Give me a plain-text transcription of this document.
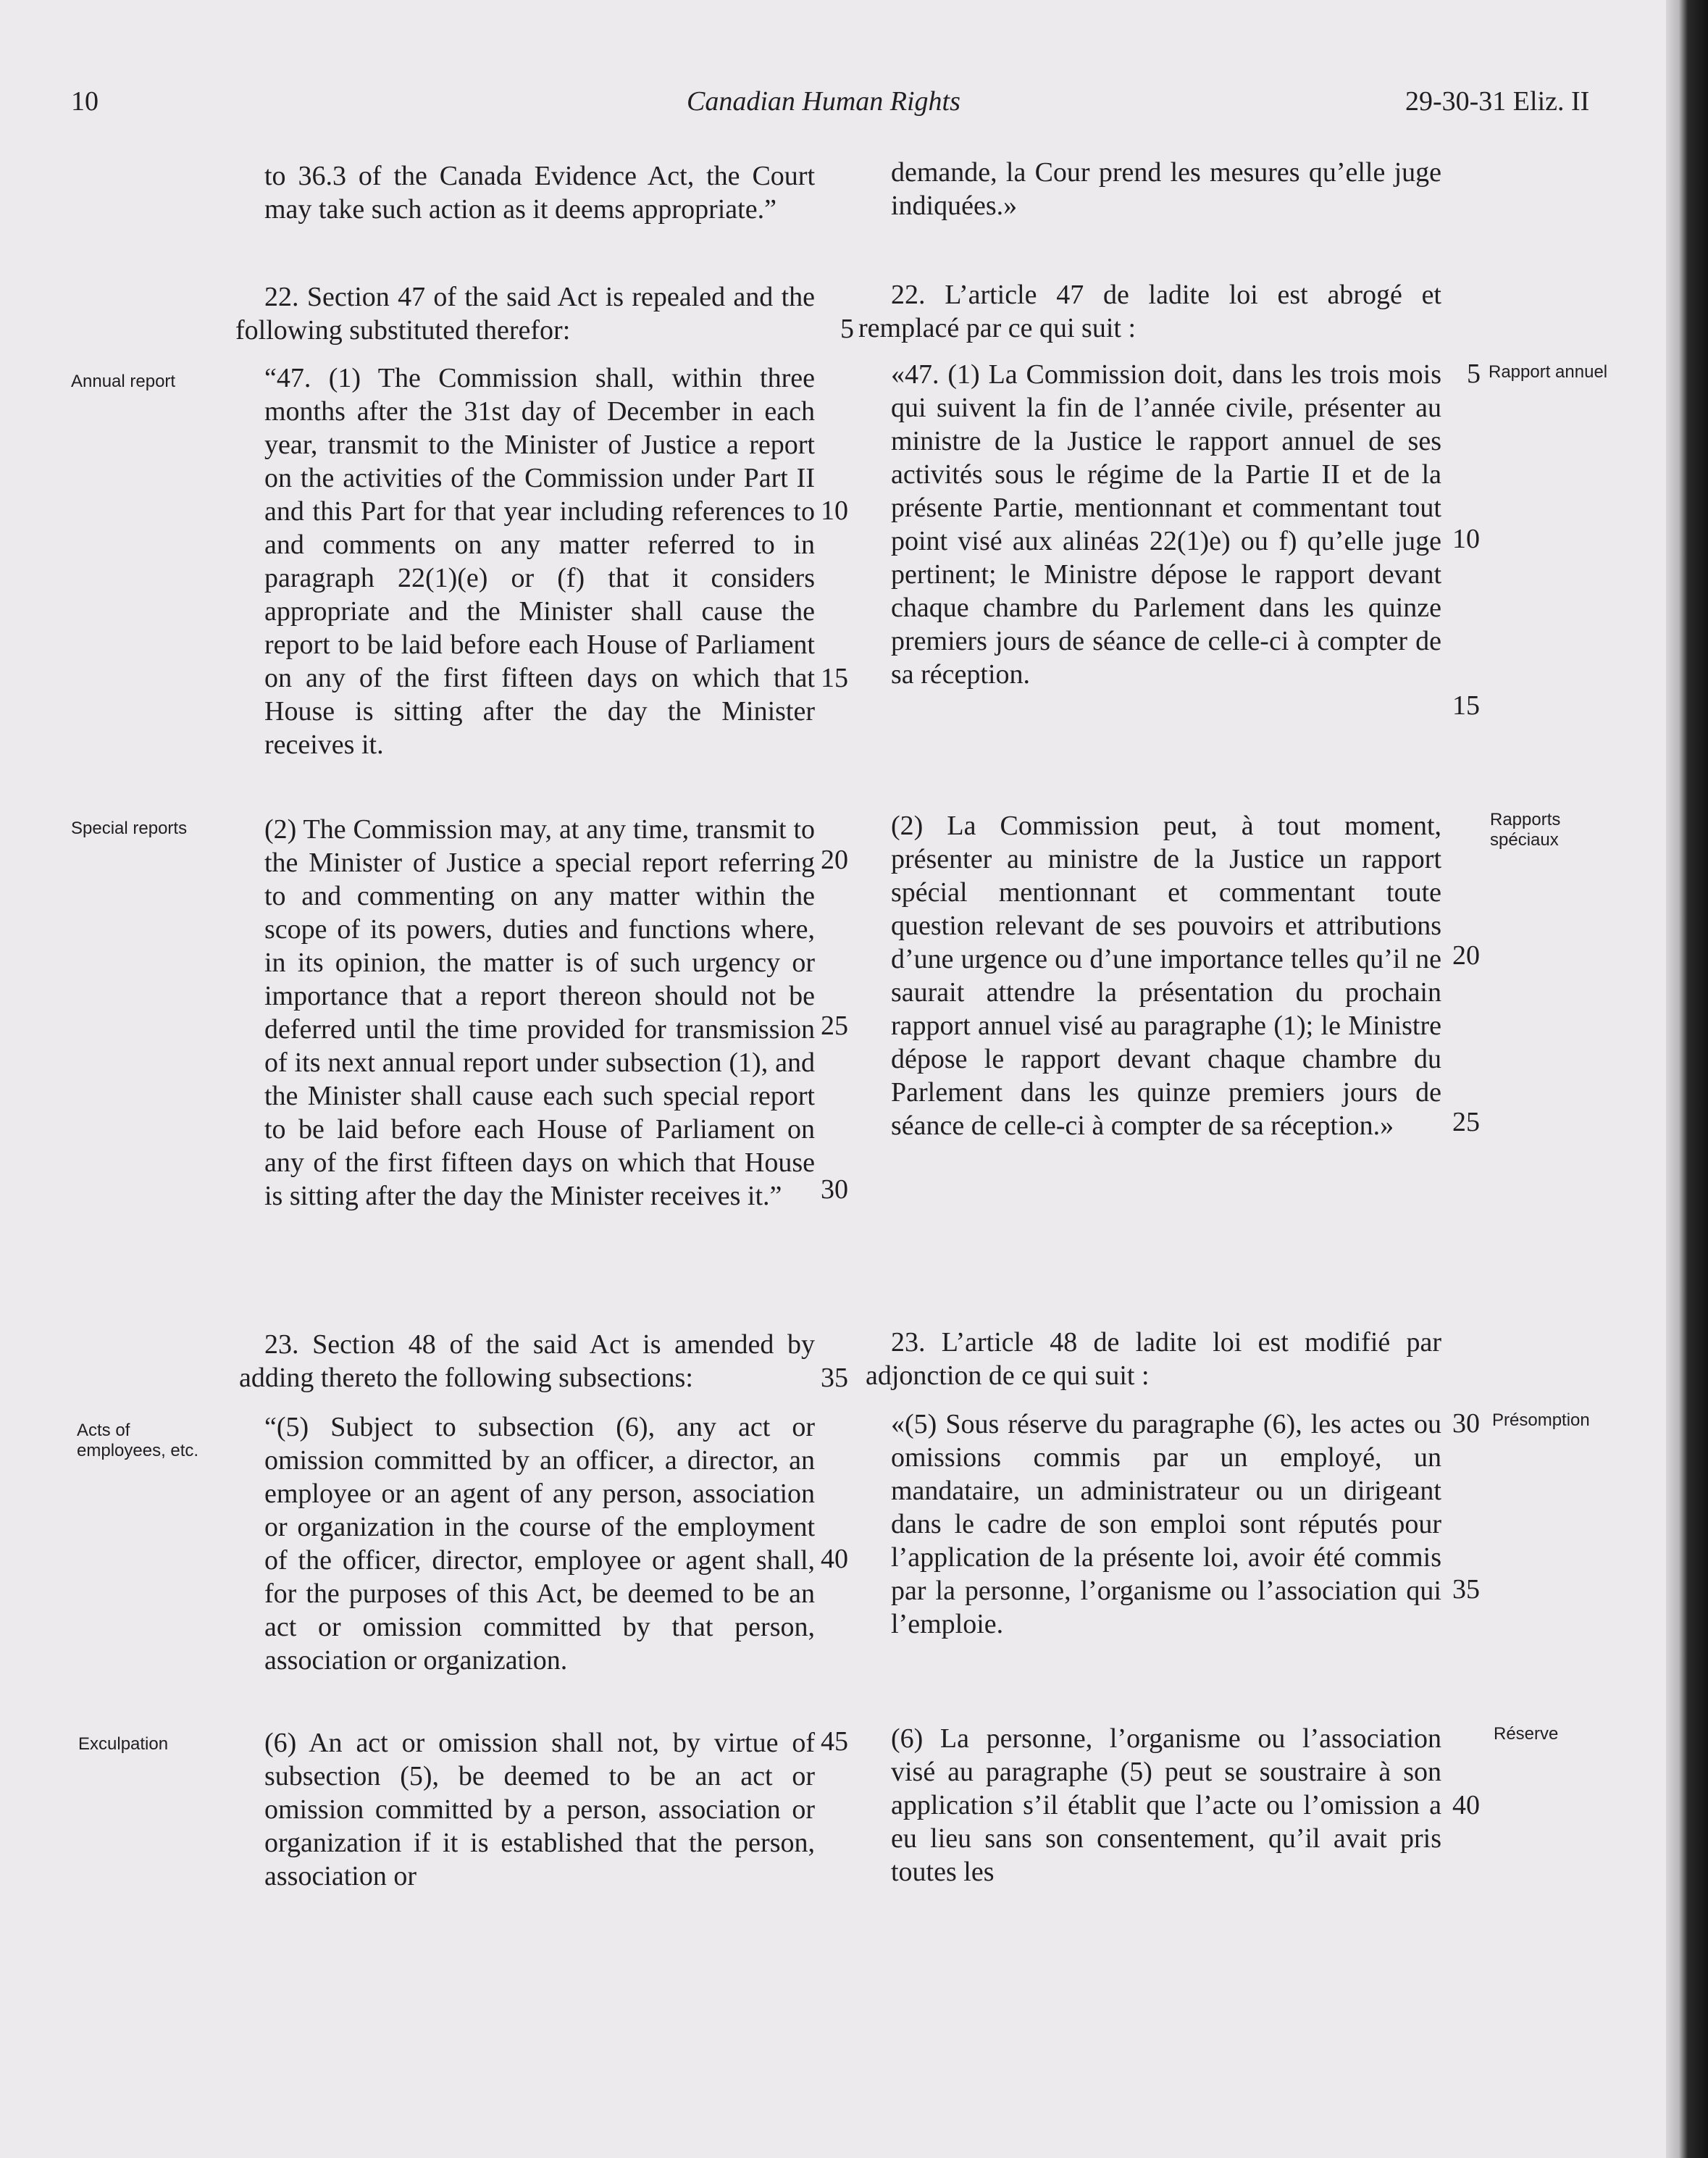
10	Canadian Human Rights	29-30-31 Eliz. II
to 36.3 of the Canada Evidence Act, the Court may take such action as it deems appropriate.”
22. Section 47 of the said Act is repealed and the following substituted therefor:
“47. (1) The Commission shall, within three months after the 31st day of December in each year, transmit to the Minister of Justice a report on the activities of the Commission under Part II and this Part for that year including references to and comments on any matter referred to in paragraph 22(1)(e) or (f) that it considers appropriate and the Minister shall cause the report to be laid before each House of Parliament on any of the first fifteen days on which that House is sitting after the day the Minister receives it.
(2) The Commission may, at any time, transmit to the Minister of Justice a special report referring to and commenting on any matter within the scope of its powers, duties and functions where, in its opinion, the matter is of such urgency or importance that a report thereon should not be deferred until the time provided for transmission of its next annual report under subsection (1), and the Minister shall cause each such special report to be laid before each House of Parliament on any of the first fifteen days on which that House is sitting after the day the Minister receives it.”
23. Section 48 of the said Act is amended by adding thereto the following subsections:
“(5) Subject to subsection (6), any act or omission committed by an officer, a director, an employee or an agent of any person, association or organization in the course of the employment of the officer, director, employee or agent shall, for the purposes of this Act, be deemed to be an act or omission committed by that person, association or organization.
(6) An act or omission shall not, by virtue of subsection (5), be deemed to be an act or omission committed by a person, association or organization if it is established that the person, association or
demande, la Cour prend les mesures qu’elle juge indiquées.»
22. L’article 47 de ladite loi est abrogé et remplacé par ce qui suit :
«47. (1) La Commission doit, dans les trois mois qui suivent la fin de l’année civile, présenter au ministre de la Justice le rapport annuel de ses activités sous le régime de la Partie II et de la présente Partie, mentionnant et commentant tout point visé aux alinéas 22(1)e) ou f) qu’elle juge pertinent; le Ministre dépose le rapport devant chaque chambre du Parlement dans les quinze premiers jours de séance de celle-ci à compter de sa réception.
(2) La Commission peut, à tout moment, présenter au ministre de la Justice un rapport spécial mentionnant et commentant toute question relevant de ses pouvoirs et attributions d’une urgence ou d’une importance telles qu’il ne saurait attendre la présentation du prochain rapport annuel visé au paragraphe (1); le Ministre dépose le rapport devant chaque chambre du Parlement dans les quinze premiers jours de séance de celle-ci à compter de sa réception.»
23. L’article 48 de ladite loi est modifié par adjonction de ce qui suit :
«(5) Sous réserve du paragraphe (6), les actes ou omissions commis par un employé, un mandataire, un administrateur ou un dirigeant dans le cadre de son emploi sont réputés pour l’application de la présente loi, avoir été commis par la personne, l’organisme ou l’association qui l’emploie.
(6) La personne, l’organisme ou l’association visé au paragraphe (5) peut se soustraire à son application s’il établit que l’acte ou l’omission a eu lieu sans son consentement, qu’il avait pris toutes les
Annual report
Special reports
Acts of employees, etc.
Exculpation
Rapport annuel
Rapports spéciaux
Présomption
Réserve
10
15
20
25
30
35
40
45
5
5
10
15
20
25
30
35
40
